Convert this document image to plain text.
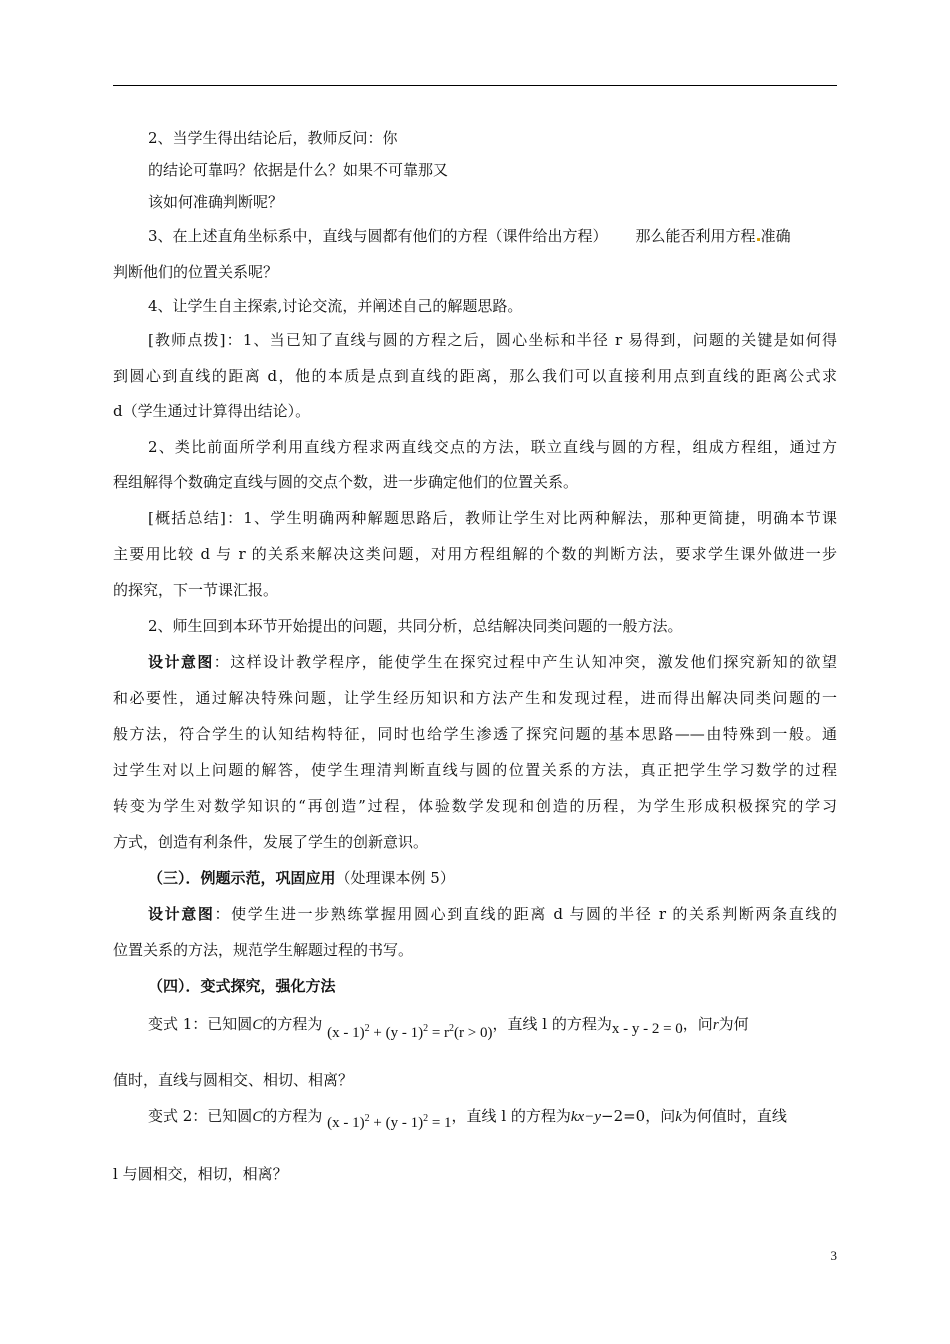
2、当学生得出结论后，教师反问：你
的结论可靠吗？依据是什么？如果不可靠那又
该如何准确判断呢？
3、在上述直角坐标系中，直线与圆都有他们的方程（课件给出方程） 那么能否利用方程 准确
判断他们的位置关系呢？
4、让学生自主探索,讨论交流，并阐述自己的解题思路。
[教师点拨]：1、当已知了直线与圆的方程之后，圆心坐标和半径 r 易得到，问题的关键是如何得
到圆心到直线的距离 d，他的本质是点到直线的距离，那么我们可以直接利用点到直线的距离公式求
d（学生通过计算得出结论）。
2、类比前面所学利用直线方程求两直线交点的方法，联立直线与圆的方程，组成方程组，通过方
程组解得个数确定直线与圆的交点个数，进一步确定他们的位置关系。
[概括总结]：1、学生明确两种解题思路后，教师让学生对比两种解法，那种更简捷，明确本节课
主要用比较 d 与 r 的关系来解决这类问题，对用方程组解的个数的判断方法，要求学生课外做进一步
的探究，下一节课汇报。
2、师生回到本环节开始提出的问题，共同分析，总结解决同类问题的一般方法。
设计意图：这样设计教学程序，能使学生在探究过程中产生认知冲突，激发他们探究新知的欲望
和必要性，通过解决特殊问题，让学生经历知识和方法产生和发现过程，进而得出解决同类问题的一
般方法，符合学生的认知结构特征，同时也给学生渗透了探究问题的基本思路——由特殊到一般。通
过学生对以上问题的解答，使学生理清判断直线与圆的位置关系的方法，真正把学生学习数学的过程
转变为学生对数学知识的“再创造”过程，体验数学发现和创造的历程，为学生形成积极探究的学习
方式，创造有利条件，发展了学生的创新意识。
（三）．例题示范，巩固应用（处理课本例 5）
设计意图：使学生进一步熟练掌握用圆心到直线的距离 d 与圆的半径 r 的关系判断两条直线的
位置关系的方法，规范学生解题过程的书写。
（四）．变式探究，强化方法
变式 1：已知圆C的方程为 $(x - 1)^2 + (y - 1)^2 = r^2(r > 0)$，直线 l 的方程为x - y - 2 = 0，问r为何
值时，直线与圆相交、相切、相离？
变式 2：已知圆C的方程为 (x - 1)$^2$ + (y - 1)$^2$ = 1，直线 l 的方程为kx−y−2=0，问k为何值时，直线
l 与圆相交，相切，相离？
3
